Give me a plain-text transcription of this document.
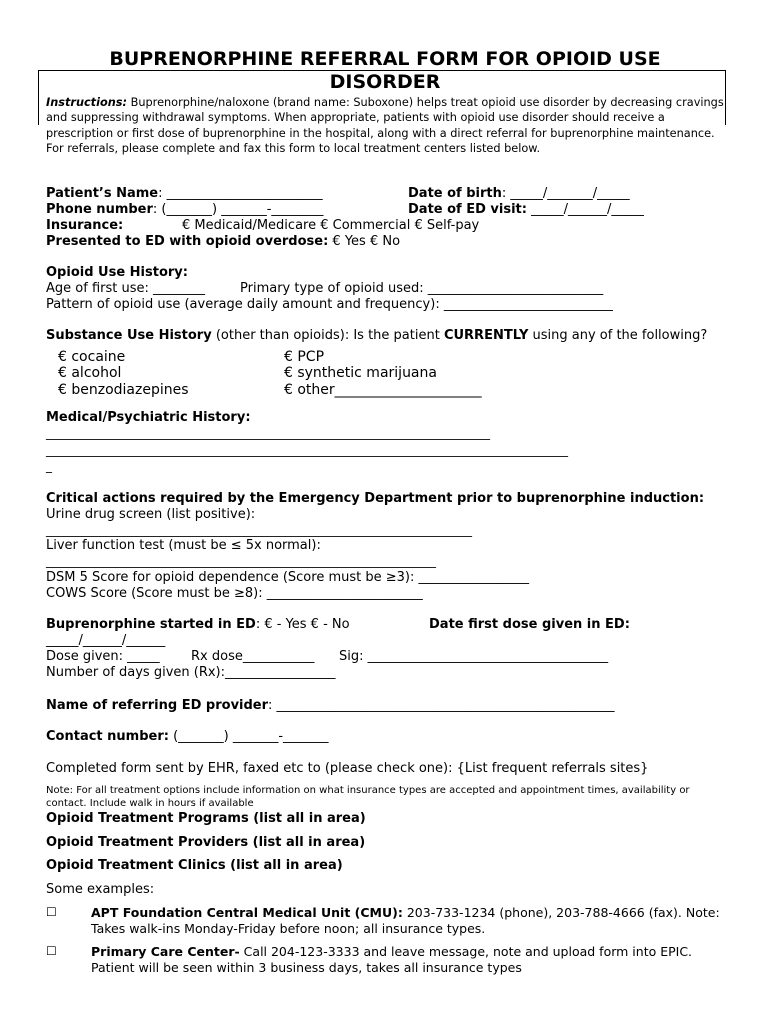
BUPRENORPHINE REFERRAL FORM FOR OPIOID USE
DISORDER
Instructions: Buprenorphine/naloxone (brand name: Suboxone) helps treat opioid use disorder by decreasing cravings and suppressing withdrawal symptoms. When appropriate, patients with opioid use disorder should receive a prescription or first dose of buprenorphine in the hospital, along with a direct referral for buprenorphine maintenance. For referrals, please complete and fax this form to local treatment centers listed below.
Patient’s Name: ________________________	Date of birth: _____/_______/_____
Phone number: (_______) _______-________	Date of ED visit: _____/______/_____
Insurance:	€ Medicaid/Medicare € Commercial € Self-pay
Presented to ED with opioid overdose: € Yes € No
Opioid Use History:
Age of first use: ________	Primary type of opioid used: ___________________________
Pattern of opioid use (average daily amount and frequency): __________________________
Substance Use History (other than opioids): Is the patient CURRENTLY using any of the following?
€ cocaine
€ alcohol
€ benzodiazepines
€ PCP
€ synthetic marijuana
€ other_____________________
Medical/Psychiatric History:
__________________________________________________________________________
_______________________________________________________________________________________
_
Critical actions required by the Emergency Department prior to buprenorphine induction:
Urine drug screen (list positive):
_______________________________________________________________________
Liver function test (must be ≤ 5x normal):
_________________________________________________________________
DSM 5 Score for opioid dependence (Score must be ≥3): _________________
COWS Score (Score must be ≥8): ________________________
Buprenorphine started in ED: € - Yes € - No	Date first dose given in ED:
_____/______/______
Dose given: _____ Rx dose___________ Sig: _____________________________________
Number of days given (Rx):_________________
Name of referring ED provider: ____________________________________________________
Contact number: (_______) _______-_______
Completed form sent by EHR, faxed etc to (please check one): {List frequent referrals sites}
Note: For all treatment options include information on what insurance types are accepted and appointment times, availability or contact. Include walk in hours if available
Opioid Treatment Programs (list all in area)
Opioid Treatment Providers (list all in area)
Opioid Treatment Clinics (list all in area)
Some examples:
☐	APT Foundation Central Medical Unit (CMU): 203-733-1234 (phone), 203-788-4666 (fax). Note: Takes walk-ins Monday-Friday before noon; all insurance types.
☐	Primary Care Center- Call 204-123-3333 and leave message, note and upload form into EPIC. Patient will be seen within 3 business days, takes all insurance types
